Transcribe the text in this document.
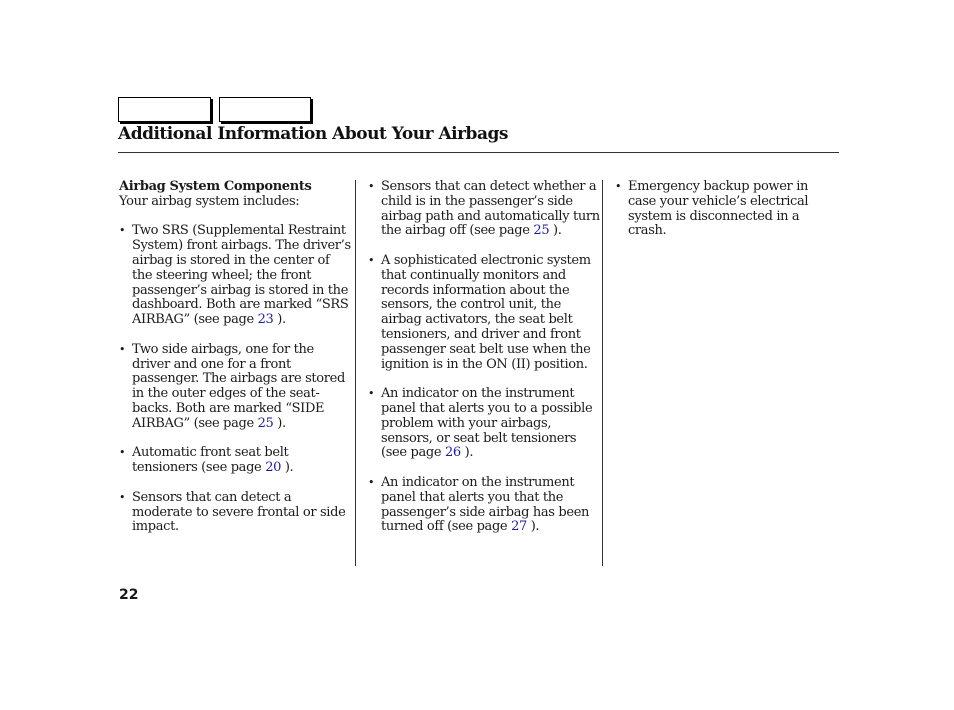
Additional Information About Your Airbags
Airbag System Components
Your airbag system includes:
• Two SRS (Supplemental Restraint System) front airbags. The driver’s airbag is stored in the center of the steering wheel; the front passenger’s airbag is stored in the dashboard. Both are marked “SRS AIRBAG” (see page 23 ).
• Two side airbags, one for the driver and one for a front passenger. The airbags are stored in the outer edges of the seat-backs. Both are marked “SIDE AIRBAG” (see page 25 ).
• Automatic front seat belt tensioners (see page 20 ).
• Sensors that can detect a moderate to severe frontal or side impact.
• Sensors that can detect whether a child is in the passenger’s side airbag path and automatically turn the airbag off (see page 25 ).
• A sophisticated electronic system that continually monitors and records information about the sensors, the control unit, the airbag activators, the seat belt tensioners, and driver and front passenger seat belt use when the ignition is in the ON (II) position.
• An indicator on the instrument panel that alerts you to a possible problem with your airbags, sensors, or seat belt tensioners (see page 26 ).
• An indicator on the instrument panel that alerts you that the passenger’s side airbag has been turned off (see page 27 ).
• Emergency backup power in case your vehicle’s electrical system is disconnected in a crash.
22
